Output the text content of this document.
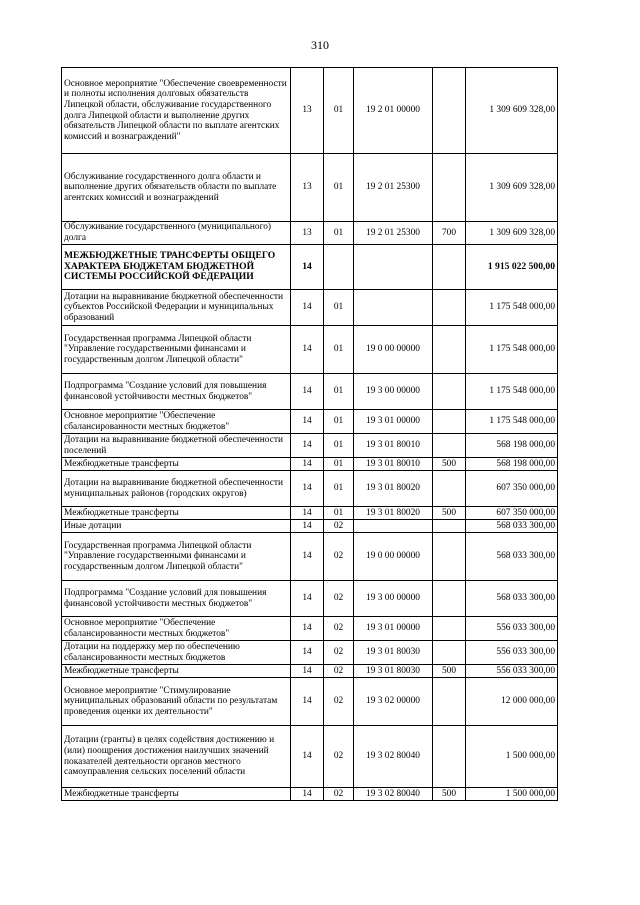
310
Основное мероприятие "Обеспечение своевременности и полноты исполнения долговых обязательств Липецкой области, обслуживание государственного долга Липецкой области и выполнение других обязательств Липецкой области по выплате агентских комиссий и вознаграждений"	13	01	19 2 01 00000		1 309 609 328,00
Обслуживание государственного долга области и выполнение других обязательств области по выплате агентских комиссий и вознаграждений	13	01	19 2 01 25300		1 309 609 328,00
Обслуживание государственного (муниципального) долга	13	01	19 2 01 25300	700	1 309 609 328,00
МЕЖБЮДЖЕТНЫЕ ТРАНСФЕРТЫ ОБЩЕГО ХАРАКТЕРА БЮДЖЕТАМ БЮДЖЕТНОЙ СИСТЕМЫ РОССИЙСКОЙ ФЕДЕРАЦИИ	14				1 915 022 500,00
Дотации на выравнивание бюджетной обеспеченности субъектов Российской Федерации и муниципальных образований	14	01			1 175 548 000,00
Государственная программа Липецкой области "Управление государственными финансами и государственным долгом Липецкой области"	14	01	19 0 00 00000		1 175 548 000,00
Подпрограмма "Создание условий для повышения финансовой устойчивости местных бюджетов"	14	01	19 3 00 00000		1 175 548 000,00
Основное мероприятие "Обеспечение сбалансированности местных бюджетов"	14	01	19 3 01 00000		1 175 548 000,00
Дотации на выравнивание бюджетной обеспеченности поселений	14	01	19 3 01 80010		568 198 000,00
Межбюджетные трансферты	14	01	19 3 01 80010	500	568 198 000,00
Дотации на выравнивание бюджетной обеспеченности муниципальных районов (городских округов)	14	01	19 3 01 80020		607 350 000,00
Межбюджетные трансферты	14	01	19 3 01 80020	500	607 350 000,00
Иные дотации	14	02			568 033 300,00
Государственная программа Липецкой области "Управление государственными финансами и государственным долгом Липецкой области"	14	02	19 0 00 00000		568 033 300,00
Подпрограмма "Создание условий для повышения финансовой устойчивости местных бюджетов"	14	02	19 3 00 00000		568 033 300,00
Основное мероприятие "Обеспечение сбалансированности местных бюджетов"	14	02	19 3 01 00000		556 033 300,00
Дотации на поддержку мер по обеспечению сбалансированности местных бюджетов	14	02	19 3 01 80030		556 033 300,00
Межбюджетные трансферты	14	02	19 3 01 80030	500	556 033 300,00
Основное мероприятие "Стимулирование муниципальных образований области по результатам проведения оценки их деятельности"	14	02	19 3 02 00000		12 000 000,00
Дотации (гранты) в целях содействия достижению и (или) поощрения достижения наилучших значений показателей деятельности органов местного самоуправления сельских поселений области	14	02	19 3 02 80040		1 500 000,00
Межбюджетные трансферты	14	02	19 3 02 80040	500	1 500 000,00
